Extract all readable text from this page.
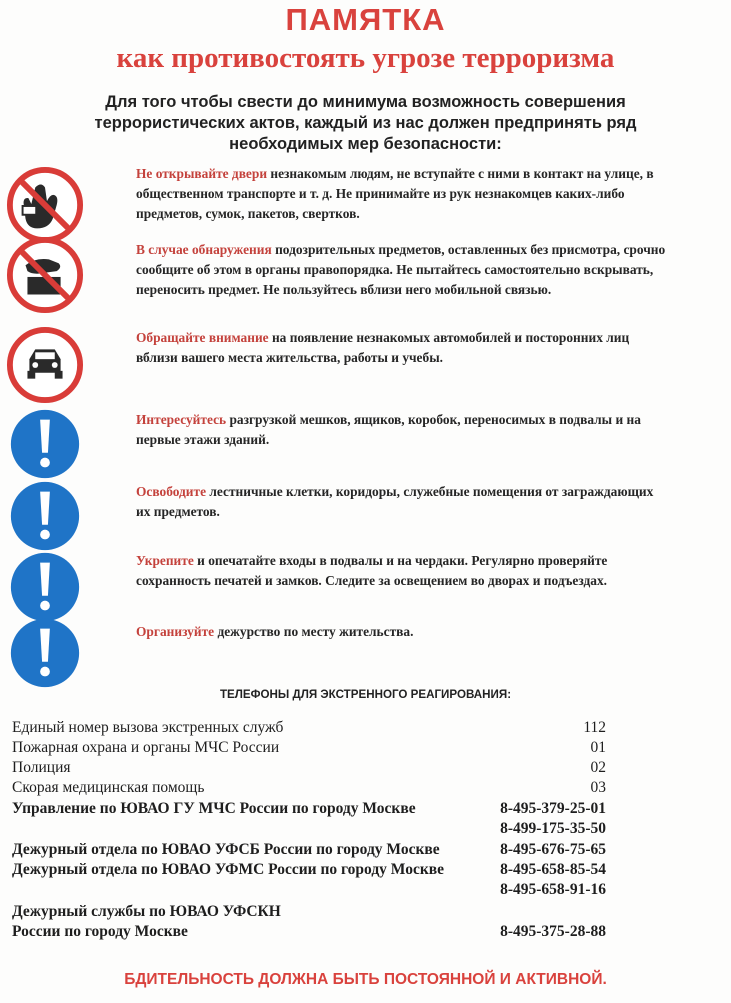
ПАМЯТКА
как противостоять угрозе терроризма
Для того чтобы свести до минимума возможность совершения террористических актов, каждый из нас должен предпринять ряд необходимых мер безопасности:
Не открывайте двери незнакомым людям, не вступайте с ними в контакт на улице, в общественном транспорте и т. д. Не принимайте из рук незнакомцев каких-либо предметов, сумок, пакетов, свертков.
В случае обнаружения подозрительных предметов, оставленных без присмотра, срочно сообщите об этом в органы правопорядка. Не пытайтесь самостоятельно вскрывать, переносить предмет. Не пользуйтесь вблизи него мобильной связью.
Обращайте внимание на появление незнакомых автомобилей и посторонних лиц вблизи вашего места жительства, работы и учебы.
Интересуйтесь разгрузкой мешков, ящиков, коробок, переносимых в подвалы и на первые этажи зданий.
Освободите лестничные клетки, коридоры, служебные помещения от заграждающих их предметов.
Укрепите и опечатайте входы в подвалы и на чердаки. Регулярно проверяйте сохранность печатей и замков. Следите за освещением во дворах и подъездах.
Организуйте дежурство по месту жительства.
ТЕЛЕФОНЫ ДЛЯ ЭКСТРЕННОГО РЕАГИРОВАНИЯ:
Единый номер вызова экстренных служб	112
Пожарная охрана и органы МЧС России	01
Полиция	02
Скорая медицинская помощь	03
Управление по ЮВАО ГУ МЧС России по городу Москве	8-495-379-25-01
8-499-175-35-50
Дежурный отдела по ЮВАО УФСБ России по городу Москве	8-495-676-75-65
Дежурный отдела по ЮВАО УФМС России по городу Москве	8-495-658-85-54
8-495-658-91-16
Дежурный службы по ЮВАО УФСКН
России по городу Москве	8-495-375-28-88
БДИТЕЛЬНОСТЬ ДОЛЖНА БЫТЬ ПОСТОЯННОЙ И АКТИВНОЙ.
